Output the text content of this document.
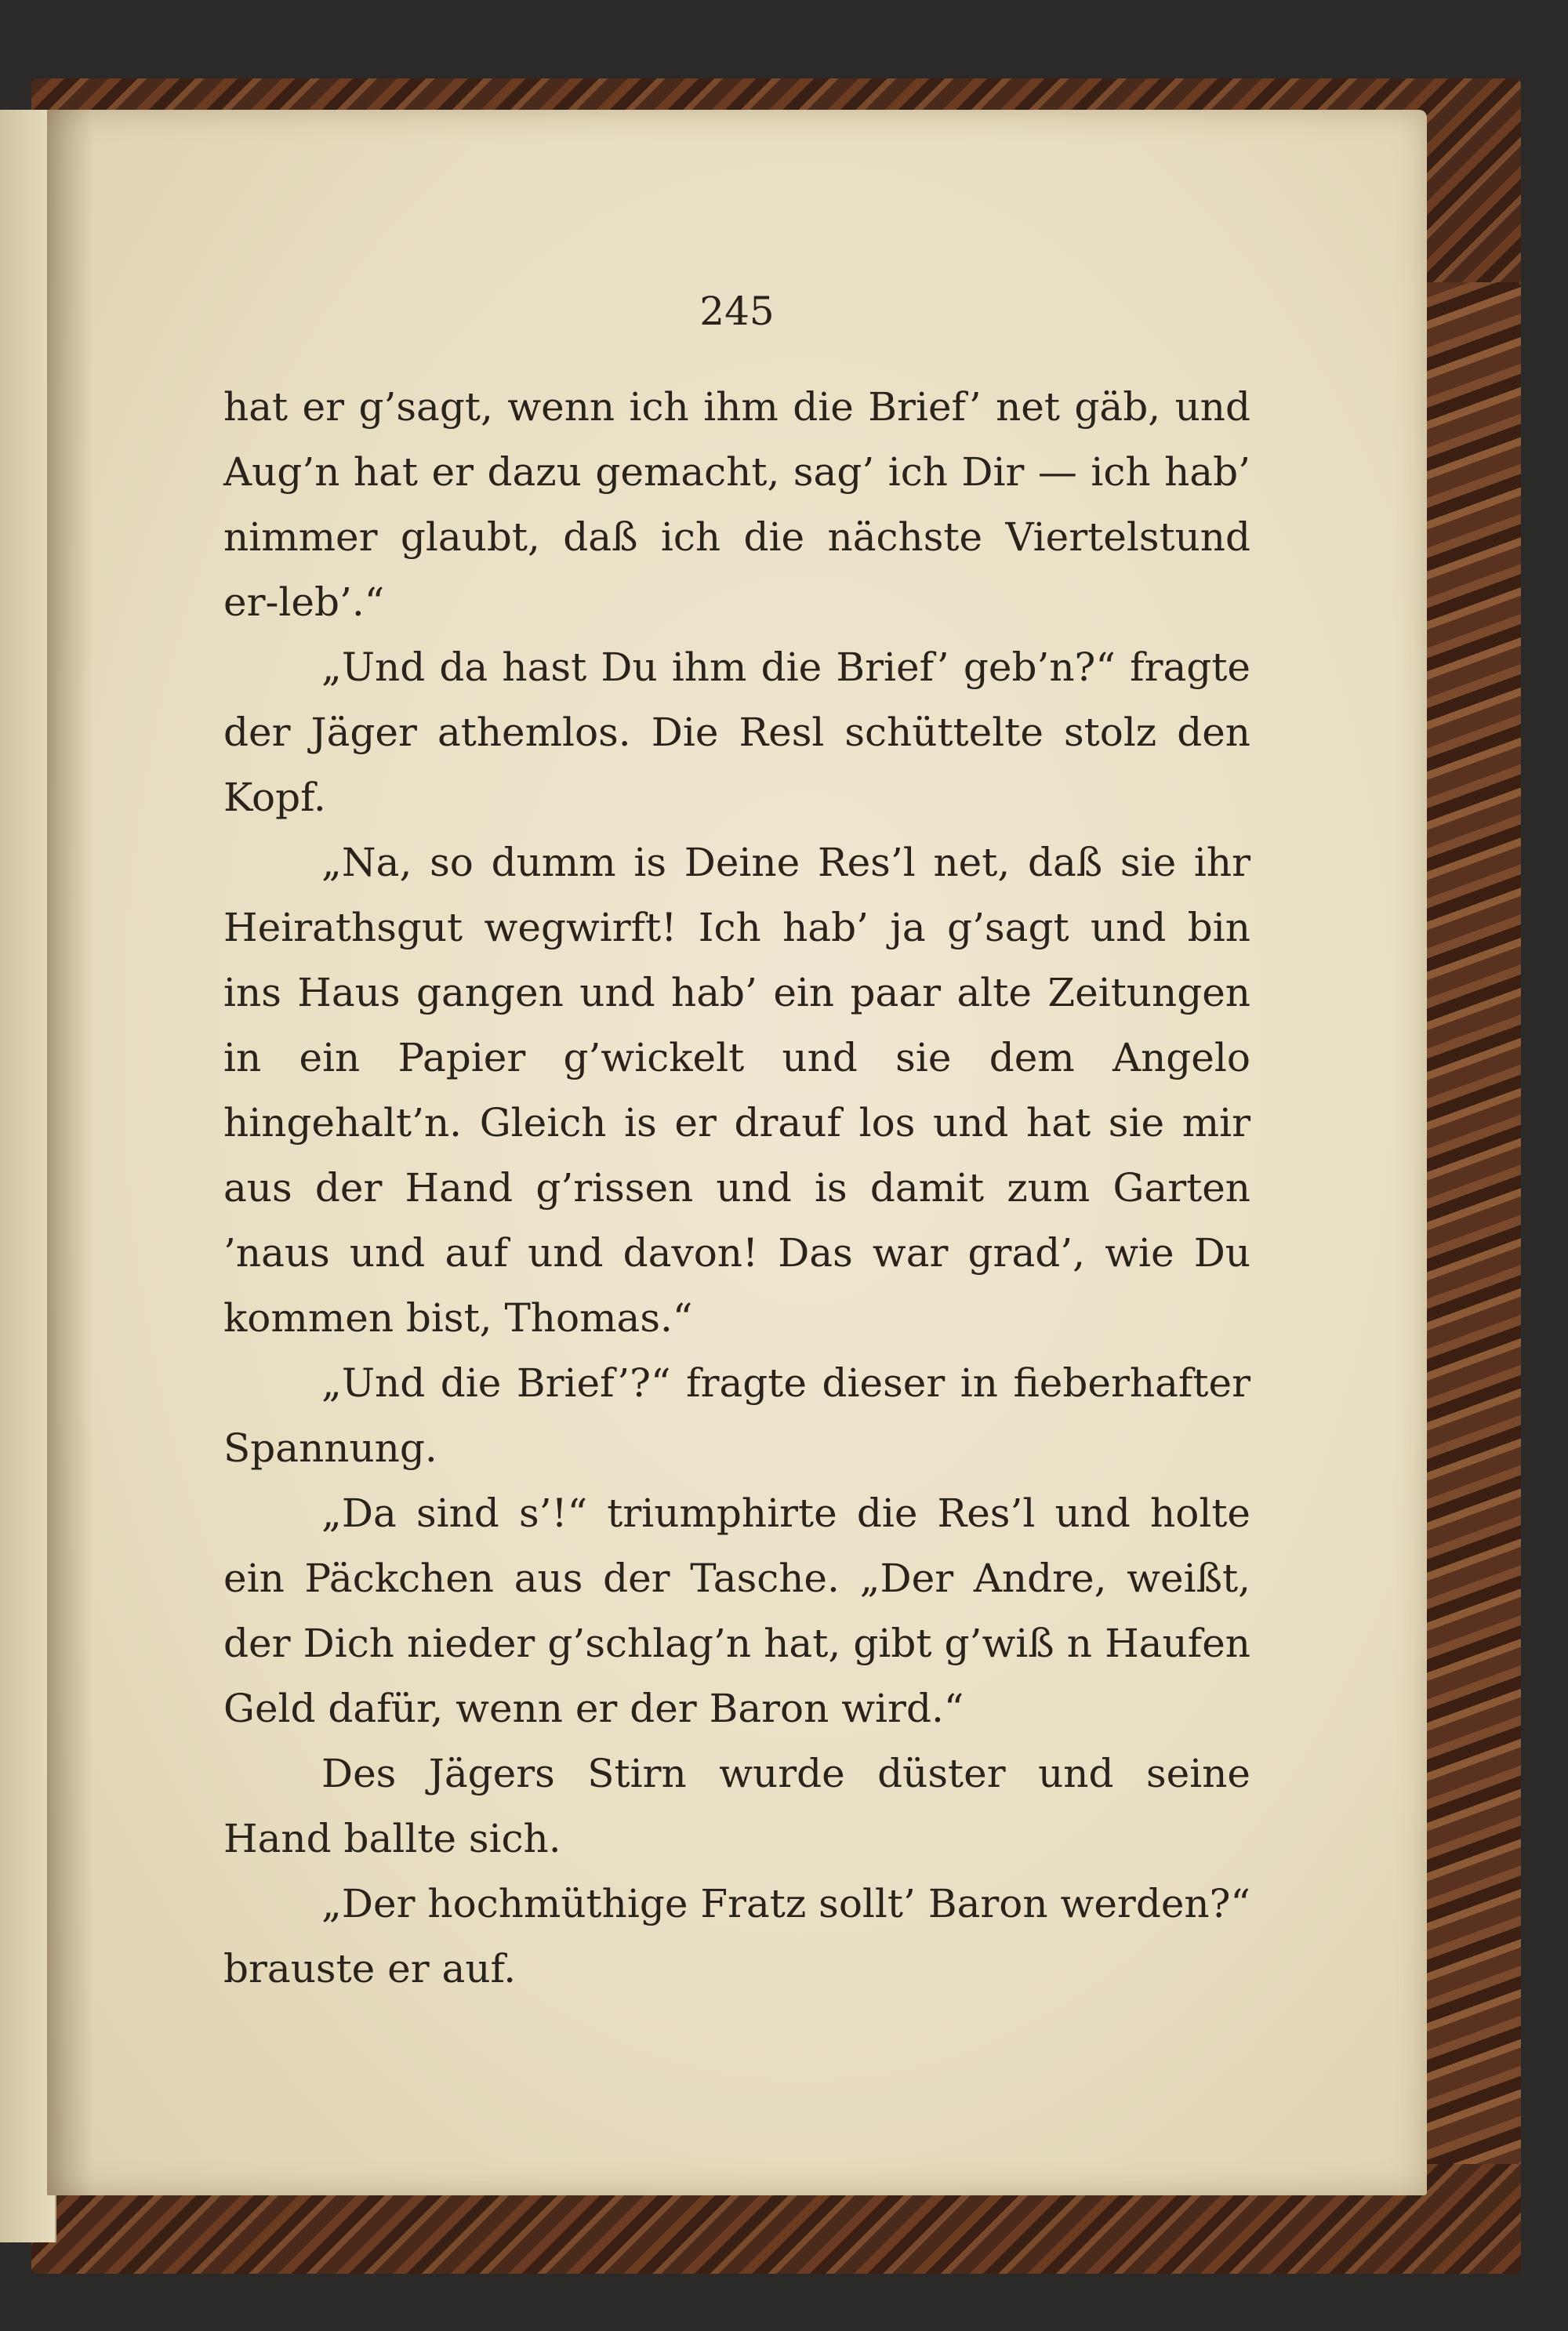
245

hat er g’sagt, wenn ich ihm die Brief’ net gäb, und Aug’n hat er dazu gemacht, sag’ ich Dir — ich hab’ nimmer glaubt, daß ich die nächste Viertelstund er-leb’.“

„Und da hast Du ihm die Brief’ geb’n?“ fragte der Jäger athemlos. Die Resl schüttelte stolz den Kopf.

„Na, so dumm is Deine Res’l net, daß sie ihr Heirathsgut wegwirft! Ich hab’ ja g’sagt und bin ins Haus gangen und hab’ ein paar alte Zeitungen in ein Papier g’wickelt und sie dem Angelo hingehalt’n. Gleich is er drauf los und hat sie mir aus der Hand g’rissen und is damit zum Garten ’naus und auf und davon! Das war grad’, wie Du kommen bist, Thomas.“

„Und die Brief’?“ fragte dieser in fieberhafter Spannung.

„Da sind s’!“ triumphirte die Res’l und holte ein Päckchen aus der Tasche. „Der Andre, weißt, der Dich nieder g’schlag’n hat, gibt g’wiß n Haufen Geld dafür, wenn er der Baron wird.“

Des Jägers Stirn wurde düster und seine Hand ballte sich.

„Der hochmüthige Fratz sollt’ Baron werden?“ brauste er auf.
